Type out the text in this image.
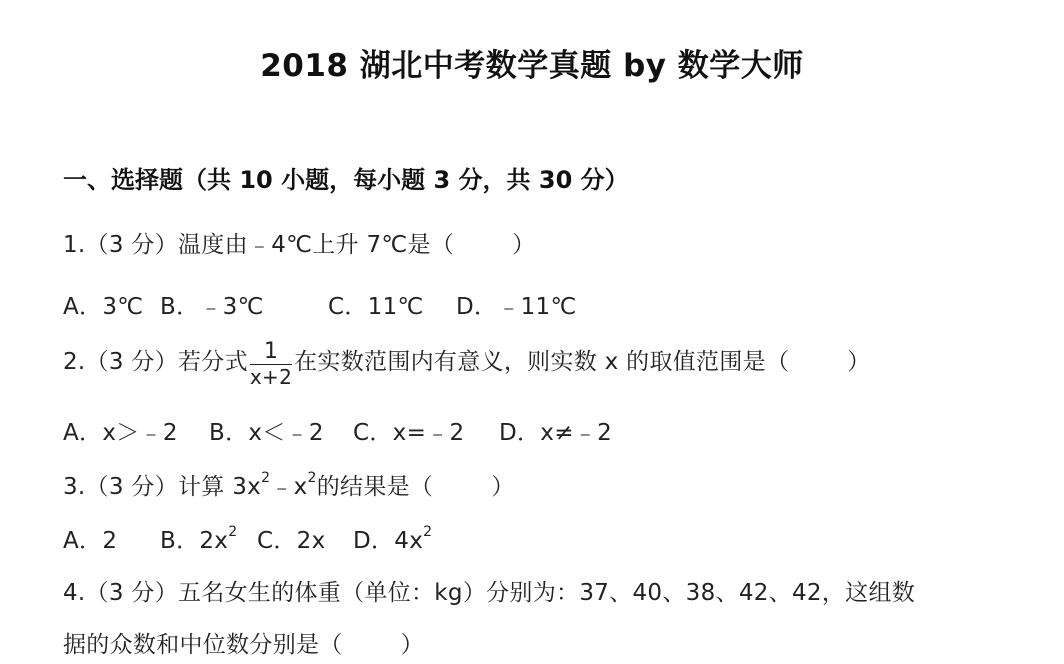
2018 湖北中考数学真题 by 数学大师
一、选择题（共 10 小题，每小题 3 分，共 30 分）
1.（3 分）温度由﹣4℃上升 7℃是（	）
A．3℃ B．﹣3℃	C．11℃ D．﹣11℃
2.（3 分）若分式 $\frac{1}{x+2}$ 在实数范围内有意义，则实数 x 的取值范围是（	）
A．x＞﹣2 B．x＜﹣2 C．x=﹣2 D．x≠﹣2
3.（3 分）计算 $3x^2﹣x^2$的结果是（	）
A．2 B．$2x^2$ C．2x D．$4x^2$
4.（3 分）五名女生的体重（单位：kg）分别为：37、40、38、42、42，这组数
据的众数和中位数分别是（	）
